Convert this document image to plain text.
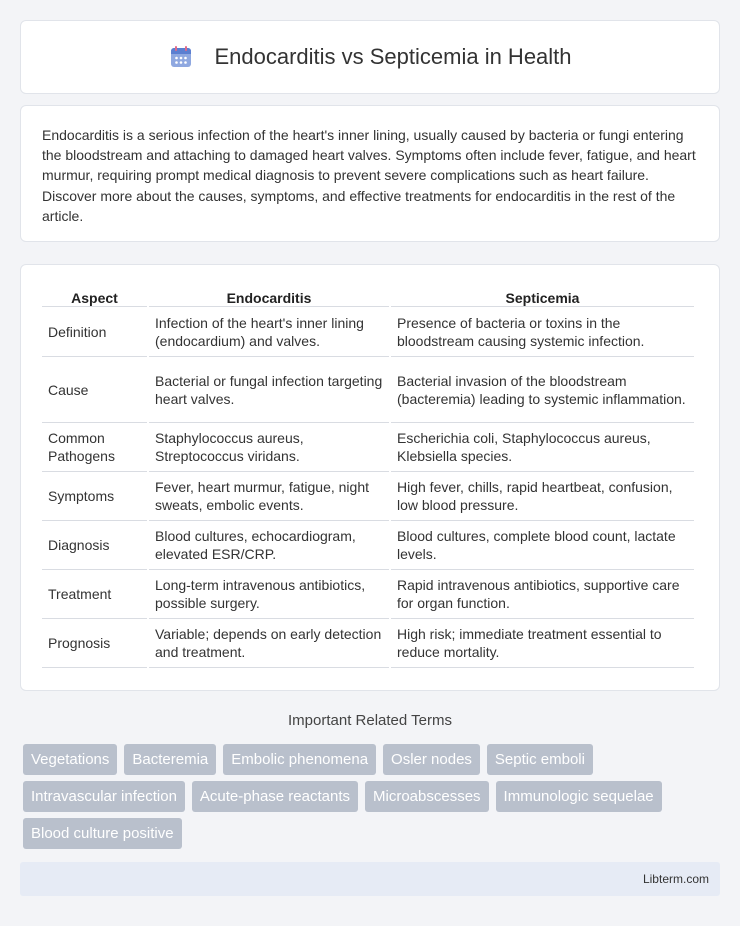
Endocarditis vs Septicemia in Health

Endocarditis is a serious infection of the heart's inner lining, usually caused by bacteria or fungi entering the bloodstream and attaching to damaged heart valves. Symptoms often include fever, fatigue, and heart murmur, requiring prompt medical diagnosis to prevent severe complications such as heart failure. Discover more about the causes, symptoms, and effective treatments for endocarditis in the rest of the article.

Aspect	Endocarditis	Septicemia
Definition	Infection of the heart's inner lining (endocardium) and valves.	Presence of bacteria or toxins in the bloodstream causing systemic infection.
Cause	Bacterial or fungal infection targeting heart valves.	Bacterial invasion of the bloodstream (bacteremia) leading to systemic inflammation.
Common Pathogens	Staphylococcus aureus, Streptococcus viridans.	Escherichia coli, Staphylococcus aureus, Klebsiella species.
Symptoms	Fever, heart murmur, fatigue, night sweats, embolic events.	High fever, chills, rapid heartbeat, confusion, low blood pressure.
Diagnosis	Blood cultures, echocardiogram, elevated ESR/CRP.	Blood cultures, complete blood count, lactate levels.
Treatment	Long-term intravenous antibiotics, possible surgery.	Rapid intravenous antibiotics, supportive care for organ function.
Prognosis	Variable; depends on early detection and treatment.	High risk; immediate treatment essential to reduce mortality.
Important Related Terms
Vegetations	Bacteremia	Embolic phenomena	Osler nodes	Septic emboli
Intravascular infection	Acute-phase reactants	Microabscesses	Immunologic sequelae
Blood culture positive
Libterm.com
